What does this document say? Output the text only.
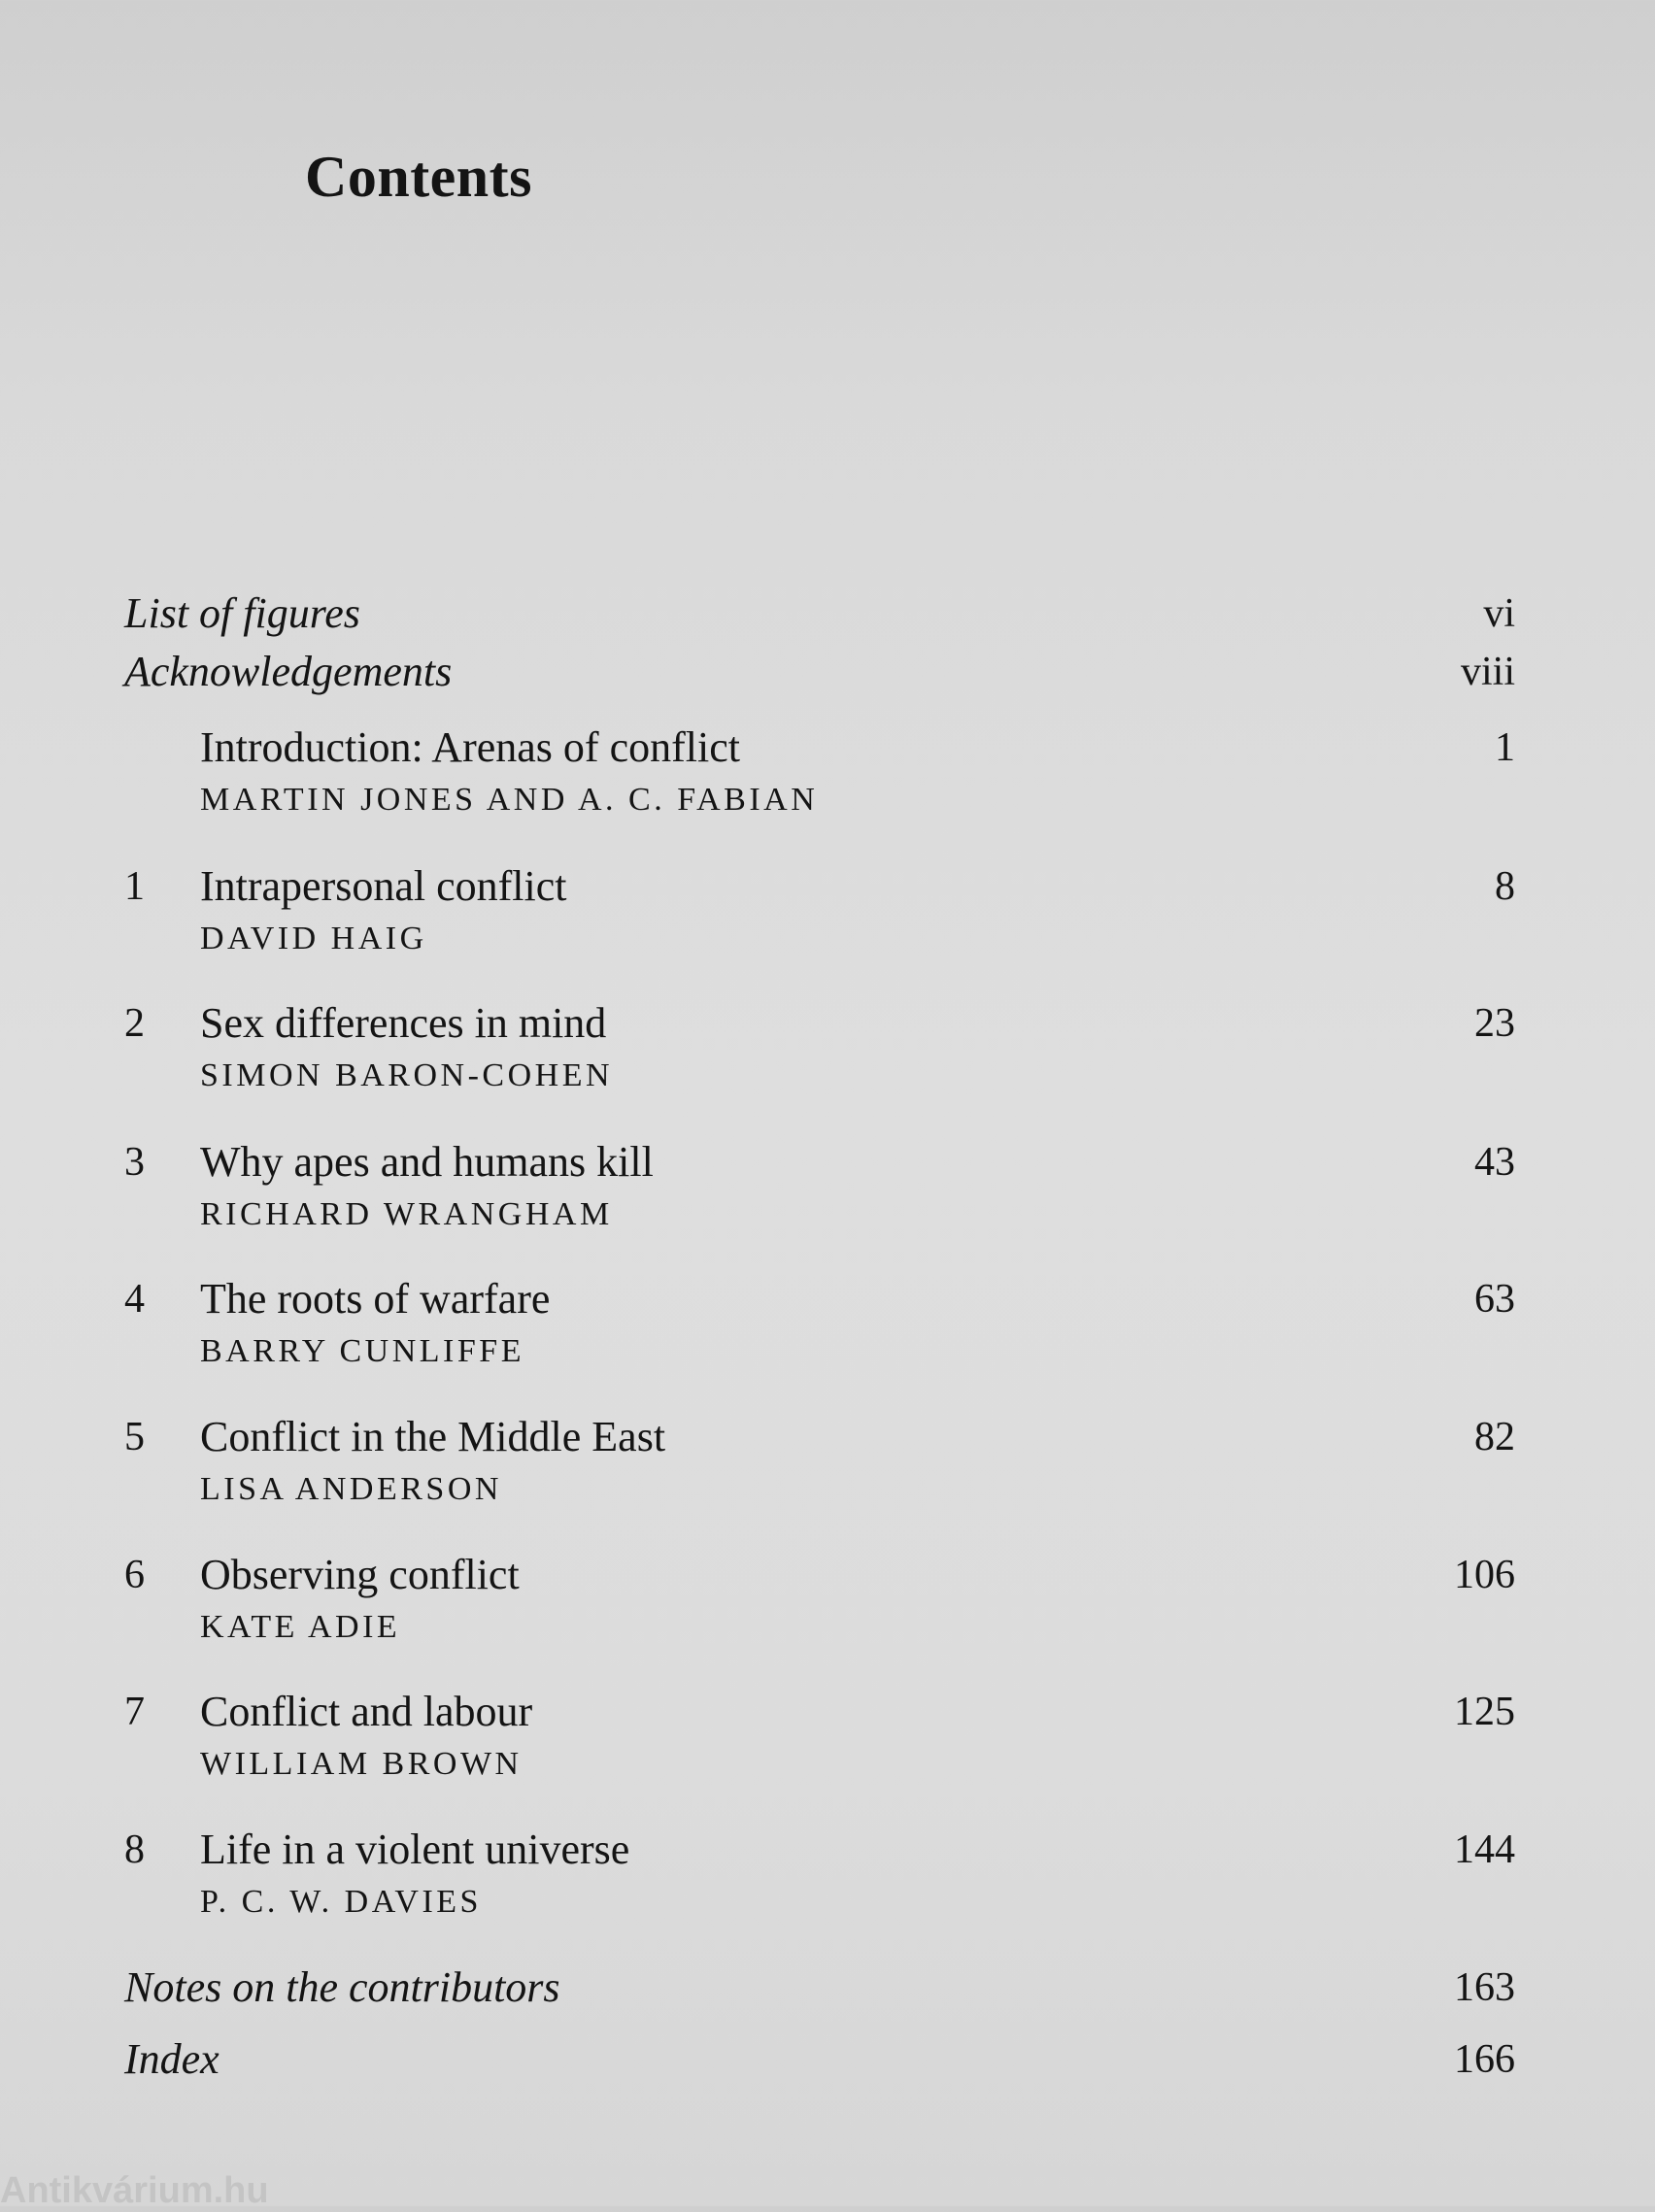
Contents
List of figures	vi
Acknowledgements	viii
Introduction: Arenas of conflict	1
MARTIN JONES AND A. C. FABIAN
1 Intrapersonal conflict	8
DAVID HAIG
2 Sex differences in mind	23
SIMON BARON-COHEN
3 Why apes and humans kill	43
RICHARD WRANGHAM
4 The roots of warfare	63
BARRY CUNLIFFE
5 Conflict in the Middle East	82
LISA ANDERSON
6 Observing conflict	106
KATE ADIE
7 Conflict and labour	125
WILLIAM BROWN
8 Life in a violent universe	144
P. C. W. DAVIES
Notes on the contributors	163
Index	166
Antikvárium.hu
